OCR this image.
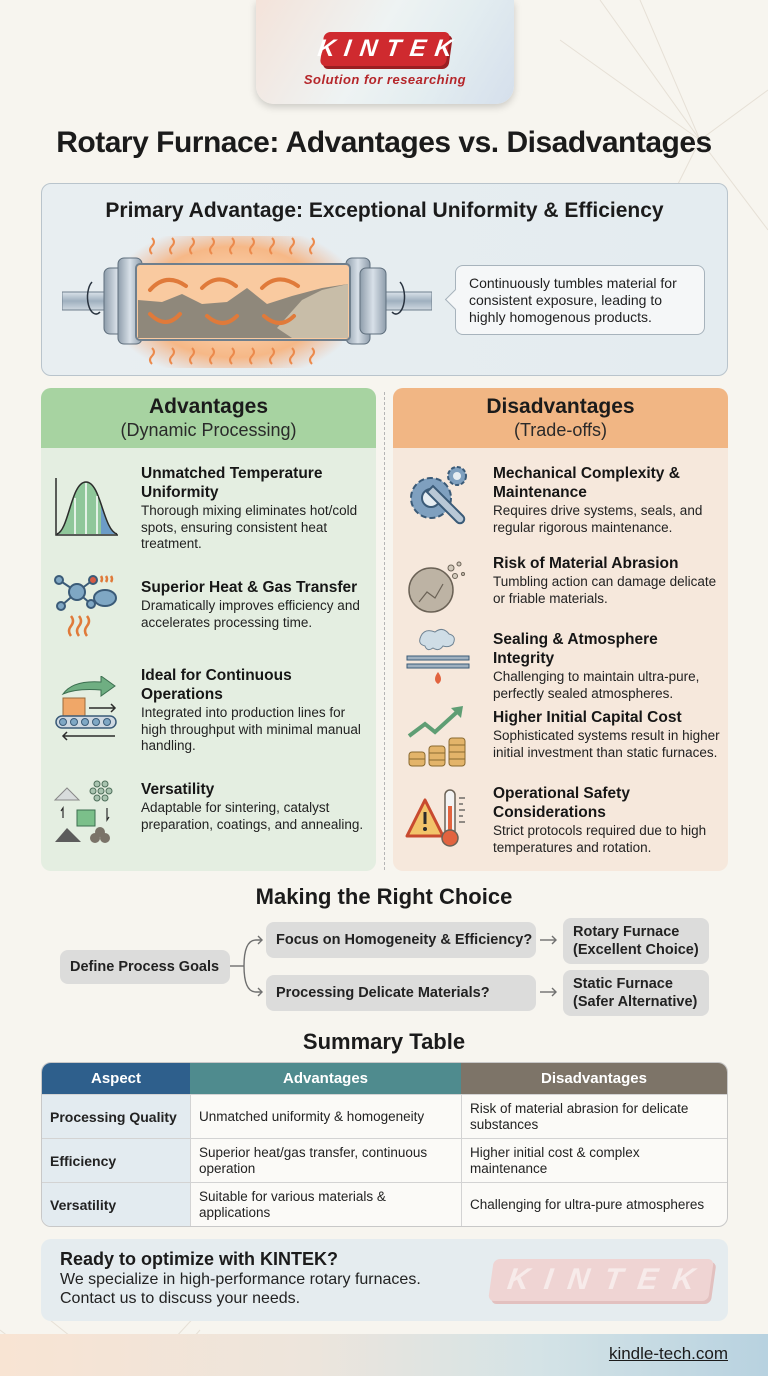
KINTEK
Solution for researching
Rotary Furnace: Advantages vs. Disadvantages
Primary Advantage: Exceptional Uniformity & Efficiency
Continuously tumbles material for consistent exposure, leading to highly homogenous products.
Advantages
(Dynamic Processing)
Unmatched Temperature Uniformity
Thorough mixing eliminates hot/cold spots, ensuring consistent heat treatment.
Superior Heat & Gas Transfer
Dramatically improves efficiency and accelerates processing time.
Ideal for Continuous Operations
Integrated into production lines for high throughput with minimal manual handling.
Versatility
Adaptable for sintering, catalyst preparation, coatings, and annealing.
Disadvantages
(Trade-offs)
Mechanical Complexity & Maintenance
Requires drive systems, seals, and regular rigorous maintenance.
Risk of Material Abrasion
Tumbling action can damage delicate or friable materials.
Sealing & Atmosphere Integrity
Challenging to maintain ultra-pure, perfectly sealed atmospheres.
Higher Initial Capital Cost
Sophisticated systems result in higher initial investment than static furnaces.
Operational Safety Considerations
Strict protocols required due to high temperatures and rotation.
Making the Right Choice
Define Process Goals
Focus on Homogeneity & Efficiency?
Processing Delicate Materials?
Rotary Furnace
(Excellent Choice)
Static Furnace
(Safer Alternative)
Summary Table
Aspect	Advantages	Disadvantages
Processing Quality	Unmatched uniformity & homogeneity	Risk of material abrasion for delicate substances
Efficiency	Superior heat/gas transfer, continuous operation	Higher initial cost & complex maintenance
Versatility	Suitable for various materials & applications	Challenging for ultra-pure atmospheres
Ready to optimize with KINTEK?
We specialize in high-performance rotary furnaces.
Contact us to discuss your needs.
KINTEK
kindle-tech.com
